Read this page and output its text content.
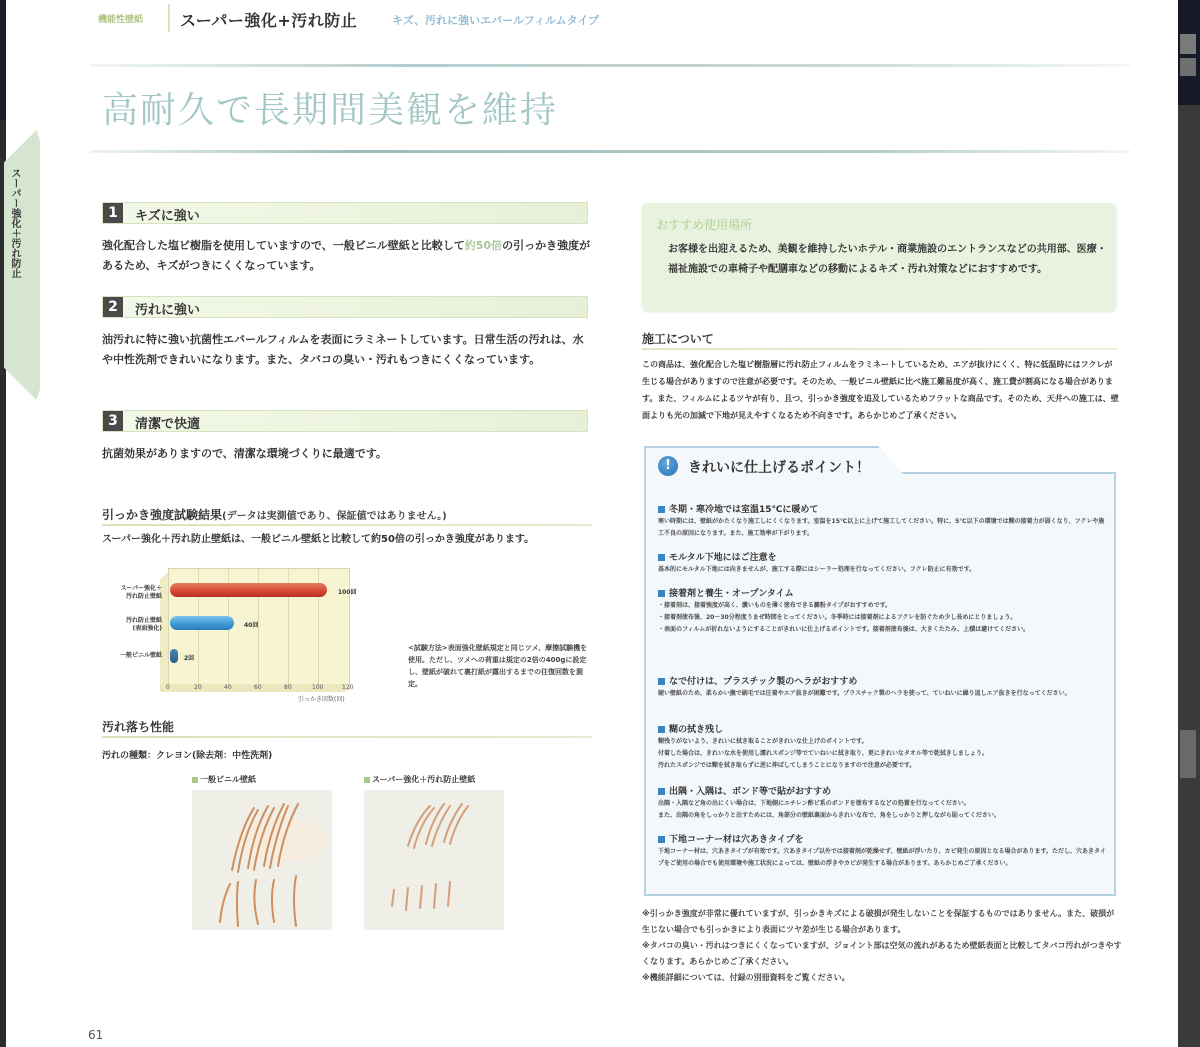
機能性壁紙 スーパー強化+汚れ防止	キズ、汚れに強いエバールフィルムタイプ
高耐久で長期間美観を維持
スーパー強化＋汚れ防止	1	キズに強い
強化配合した塩ビ樹脂を使用していますので、一般ビニル壁紙と比較して約50倍の引っかき強度があるため、キズがつきにくくなっています。
2	汚れに強い
油汚れに特に強い抗菌性エバールフィルムを表面にラミネートしています。日常生活の汚れは、水や中性洗剤できれいになります。また、タバコの臭い・汚れもつきにくくなっています。
3	清潔で快適
抗菌効果がありますので、清潔な環境づくりに最適です。
引っかき強度試験結果(データは実測値であり、保証値ではありません。)
スーパー強化＋汚れ防止壁紙は、一般ビニル壁紙と比較して約50倍の引っかき強度があります。
100回
40回
2回
スーパー強化＋
汚れ防止壁紙
汚れ防止壁紙
(表面強化)
一般ビニル壁紙
0	20	40	60	80	100	120
引っかき回数(回)
<試験方法>表面強化壁紙規定と同じツメ、摩擦試験機を使用。ただし、ツメへの荷重は規定の2倍の400gに設定し、壁紙が破れて裏打紙が露出するまでの往復回数を測定。
汚れ落ち性能
汚れの種類：クレヨン(除去剤：中性洗剤)
一般ビニル壁紙	スーパー強化＋汚れ防止壁紙
おすすめ使用場所
お客様を出迎えるため、美観を維持したいホテル・商業施設のエントランスなどの共用部、医療・福祉施設での車椅子や配膳車などの移動によるキズ・汚れ対策などにおすすめです。
施工について
この商品は、強化配合した塩ビ樹脂層に汚れ防止フィルムをラミネートしているため、エアが抜けにくく、特に低温時にはフクレが生じる場合がありますので注意が必要です。そのため、一般ビニル壁紙に比べ施工難易度が高く、施工費が割高になる場合があります。また、フィルムによるツヤが有り、且つ、引っかき強度を追及しているためフラットな商品です。そのため、天井への施工は、壁面よりも光の加減で下地が見えやすくなるため不向きです。あらかじめご了承ください。
!	きれいに仕上げるポイント！
冬期・寒冷地では室温15℃に暖めて
寒い時期には、壁紙がかたくなり施工しにくくなります。室温を15℃以上に上げて施工してください。特に、5℃以下の環境では糊の接着力が弱くなり、フクレや施工不良の原因になります。また、施工効率が下がります。
モルタル下地にはご注意を
基本的にモルタル下地には向きませんが、施工する際にはシーラー処理を行なってください。フクレ防止に有効です。
接着剤と養生・オープンタイム
・接着剤は、接着強度が高く、濃いものを薄く塗布できる澱粉タイプがおすすめです。
・接着剤塗布後、20～30分程度うまぜ時間をとってください。冬季時には接着剤によるフクレを防ぐため少し長めにとりましょう。
・表面のフィルムが折れないようにすることがきれいに仕上げるポイントです。接着剤塗布後は、大きくたたみ、上積は避けてください。
なで付けは、プラスチック製のヘラがおすすめ
硬い壁紙のため、柔らかい撫で刷毛では圧着やエア抜きが困難です。プラスチック製のヘラを使って、ていねいに繰り返しエア抜きを行なってください。
糊の拭き残し
糊残りがないよう、きれいに拭き取ることがきれいな仕上げのポイントです。
付着した場合は、きれいな水を使用し濡れスポンジ等でていねいに拭き取り、更にきれいなタオル等で乾拭きしましょう。
汚れたスポンジでは糊を拭き取らずに逆に伸ばしてしまうことになりますので注意が必要です。
出隅・入隅は、ボンド等で貼がおすすめ
出隅・入隅など角の出にくい場合は、下地側にエチレン酢ビ系のボンドを塗布するなどの処置を行なってください。
また、出隅の角をしっかりと出すためには、角部分の壁紙裏面からきれいな布で、角をしっかりと押しながら貼ってください。
下地コーナー材は穴あきタイプを
下地コーナー材は、穴あきタイプが有効です。穴あきタイプ以外では接着剤が乾燥せず、壁紙が浮いたり、カビ発生の原因となる場合があります。ただし、穴あきタイプをご使用の場合でも使用環境や施工状況によっては、壁紙の浮きやカビが発生する場合があります。あらかじめご了承ください。
※引っかき強度が非常に優れていますが、引っかきキズによる破損が発生しないことを保証するものではありません。また、破損が生じない場合でも引っかきにより表面にツヤ差が生じる場合があります。
※タバコの臭い・汚れはつきにくくなっていますが、ジョイント部は空気の流れがあるため壁紙表面と比較してタバコ汚れがつきやすくなります。あらかじめご了承ください。
※機能詳細については、付録の別冊資料をご覧ください。
61
